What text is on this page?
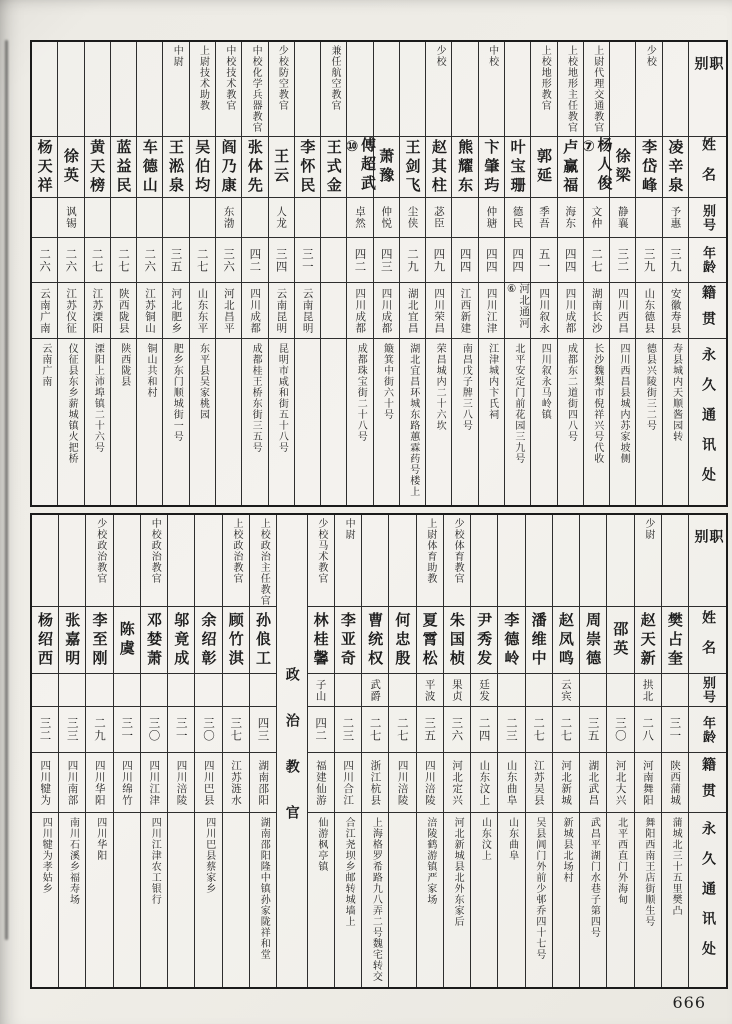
职别
姓名
别号
年龄
籍贯
永久通讯处
凌辛泉
予惠
三九
安徽寿县
寿县城内天顺酱园转
少校
李岱峰
三九
山东德县
德县兴陵街三二号
徐梁
静襄
三二
四川西昌
四川西昌县城内苏家坡侧
上尉代理交通教官
杨人俊⑦
文仲
二七
湖南长沙
长沙魏梨市倪祥兴号代收
上校地形主任教官
卢赢福
海东
四四
四川成都
成都东二道街四八号
上校地形教官
郭延
季吾
五一
四川叙永
四川叙永马岭镇
叶宝珊
德民
四四
河北通河⑥
北平安定门前花园三九号
中校
卞肇玙
仲瑭
四四
四川江津
江津城内卞氏祠
熊耀东
四四
江西新建
南昌戊子牌三八号
少校
赵其柱
苾臣
四九
四川荣昌
荣昌城内二十六坎
王剑飞
尘侠
二九
湖北宜昌
湖北宜昌环城东路蕙霖药号楼上
萧豫
仲悦
四三
四川成都
簸箕中街六十号
傅超武⑩
卓然
四二
四川成都
成都珠宝街二十八号
兼任航空教官
王式金
李怀民
三一
云南昆明
少校防空教官
王云
人龙
三四
云南昆明
昆明市咸和街五十八号
中校化学兵器教官
张体先
四二
四川成都
成都桂王桥东街三五号
中校技术教官
阎乃康
东渤
三六
河北昌平
上尉技术助教
吴伯均
二七
山东东平
东平县吴家桃园
中尉
王淞泉
三五
河北肥乡
肥乡东门顺城街一号
车德山
二六
江苏铜山
铜山共和村
蓝益民
二七
陕西陇县
陕西陇县
黄天榜
二七
江苏溧阳
溧阳上沛埠镇二十六号
徐英
讽锡
二六
江苏仪征
仪征县东乡薪城镇火把桥
杨天祥
二六
云南广南
云南广南
职别
姓名
别号
年龄
籍贯
永久通讯处
樊占奎
三一
陕西蒲城
蒲城北三十五里樊凸
少尉
赵天新
拱北
二八
河南舞阳
舞阳西南王店街顺生号
邵英
三〇
河北大兴
北平西直门外海甸
周崇德
三五
湖北武昌
武昌平湖门水巷子第四号
赵凤鸣
云宾
二七
河北新城
新城县北场村
潘维中
二七
江苏吴县
吴县阊门外前少邨乔四十七号
李德岭
二三
山东曲阜
山东曲阜
尹秀发
廷发
二四
山东汶上
山东汶上
少校体育教官
朱国桢
果贞
三六
河北定兴
河北新城县北外东家后
上尉体育助教
夏霄松
平波
三五
四川涪陵
涪陵鹤游镇严家场
何忠殷
二七
四川涪陵
曹统权
武爵
二七
浙江杭县
上海格罗希路九八弄二号魏宅转交
中尉
李亚奇
二三
四川合江
合江尧坝乡邮转城墙上
少校马术教官
林桂馨
子山
四二
福建仙游
仙游枫亭镇
政治教官
上校政治主任教官
孙俍工
四三
湖南邵阳
湖南邵阳隆中镇孙家陇祥和堂
上校政治教官
顾竹淇
三七
江苏涟水
余绍彰
三〇
四川巴县
四川巴县蔡家乡
邬竟成
三一
四川涪陵
中校政治教官
邓婪萧
三〇
四川江津
四川江津农工银行
陈虞
三一
四川绵竹
少校政治教官
李至刚
二九
四川华阳
四川华阳
张嘉明
三三
四川南部
南川石溪乡福寿场
杨绍西
三二
四川犍为
四川犍为孝姑乡
666
